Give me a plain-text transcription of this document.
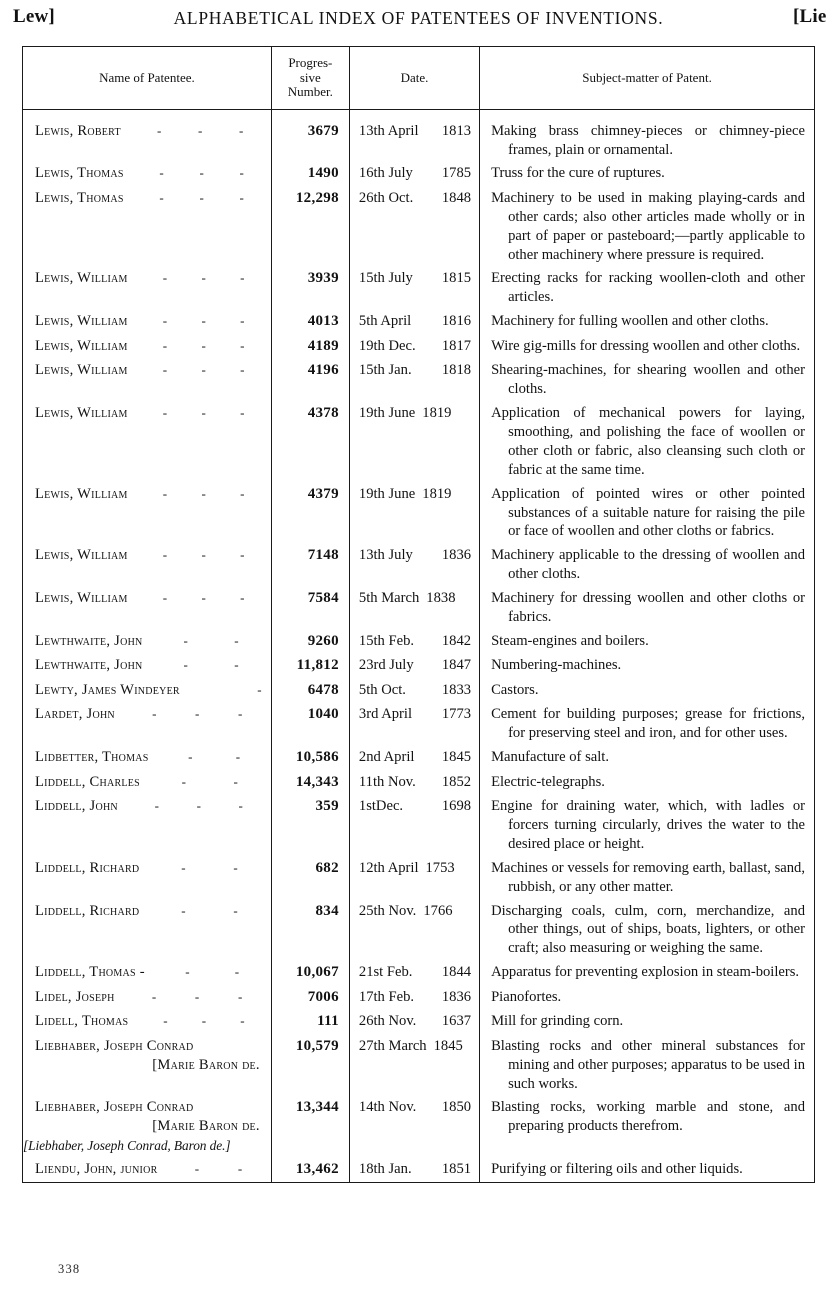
Lew]	ALPHABETICAL INDEX OF PATENTEES OF INVENTIONS.	[Lie
Name of Patentee.	Progres-
sive
Number.	Date.	Subject-matter of Patent.

Lewis, Robert - - -	3679	13th April 1813	Making brass chimney-pieces or chimney-piece frames, plain or ornamental.

Lewis, Thomas - - -	1490	16th July 1785	Truss for the cure of ruptures.

Lewis, Thomas - - -	12,298	26th Oct. 1848	Machinery to be used in making playing-cards and other cards; also other articles made wholly or in part of paper or pasteboard;—partly applicable to other machinery where pressure is required.

Lewis, William - - -	3939	15th July 1815	Erecting racks for racking woollen-cloth and other articles.

Lewis, William - - -	4013	5th April 1816	Machinery for fulling woollen and other cloths.

Lewis, William - - -	4189	19th Dec. 1817	Wire gig-mills for dressing woollen and other cloths.

Lewis, William - - -	4196	15th Jan. 1818	Shearing-machines, for shearing woollen and other cloths.

Lewis, William - - -	4378	19th June 1819	Application of mechanical powers for laying, smoothing, and polishing the face of woollen or other cloth or fabric, also cleansing such cloth or fabric at the same time.

Lewis, William - - -	4379	19th June 1819	Application of pointed wires or other pointed substances of a suitable nature for raising the pile or face of woollen and other cloths or fabrics.

Lewis, William - - -	7148	13th July 1836	Machinery applicable to the dressing of woollen and other cloths.

Lewis, William - - -	7584	5th March 1838	Machinery for dressing woollen and other cloths or fabrics.

Lewthwaite, John - -	9260	15th Feb. 1842	Steam-engines and boilers.

Lewthwaite, John - -	11,812	23rd July 1847	Numbering-machines.

Lewty, James Windeyer -	6478	5th Oct. 1833	Castors.

Lardet, John - - -	1040	3rd April 1773	Cement for building purposes; grease for frictions, for preserving steel and iron, and for other uses.

Lidbetter, Thomas - -	10,586	2nd April 1845	Manufacture of salt.

Liddell, Charles - -	14,343	11th Nov. 1852	Electric-telegraphs.

Liddell, John - - -	359	1stDec. 1698	Engine for draining water, which, with ladles or forcers turning circularly, drives the water to the desired place or height.

Liddell, Richard - -	682	12th April 1753	Machines or vessels for removing earth, ballast, sand, rubbish, or any other matter.

Liddell, Richard - -	834	25th Nov. 1766	Discharging coals, culm, corn, merchandize, and other things, out of ships, boats, lighters, or other craft; also measuring or weighing the same.

Liddell, Thomas - - -	10,067	21st Feb. 1844	Apparatus for preventing explosion in steam-boilers.

Lidel, Joseph - - -	7006	17th Feb. 1836	Pianofortes.

Lidell, Thomas - - -	111	26th Nov. 1637	Mill for grinding corn.

Liebhaber, Joseph Conrad
[Marie Baron de.	10,579	27th March 1845	Blasting rocks and other mineral substances for mining and other purposes; apparatus to be used in such works.

Liebhaber, Joseph Conrad
[Marie Baron de.
[Liebhaber, Joseph Conrad, Baron de.]	13,344	14th Nov. 1850	Blasting rocks, working marble and stone, and preparing products therefrom.

Liendu, John, junior - -	13,462	18th Jan. 1851	Purifying or filtering oils and other liquids.

338
